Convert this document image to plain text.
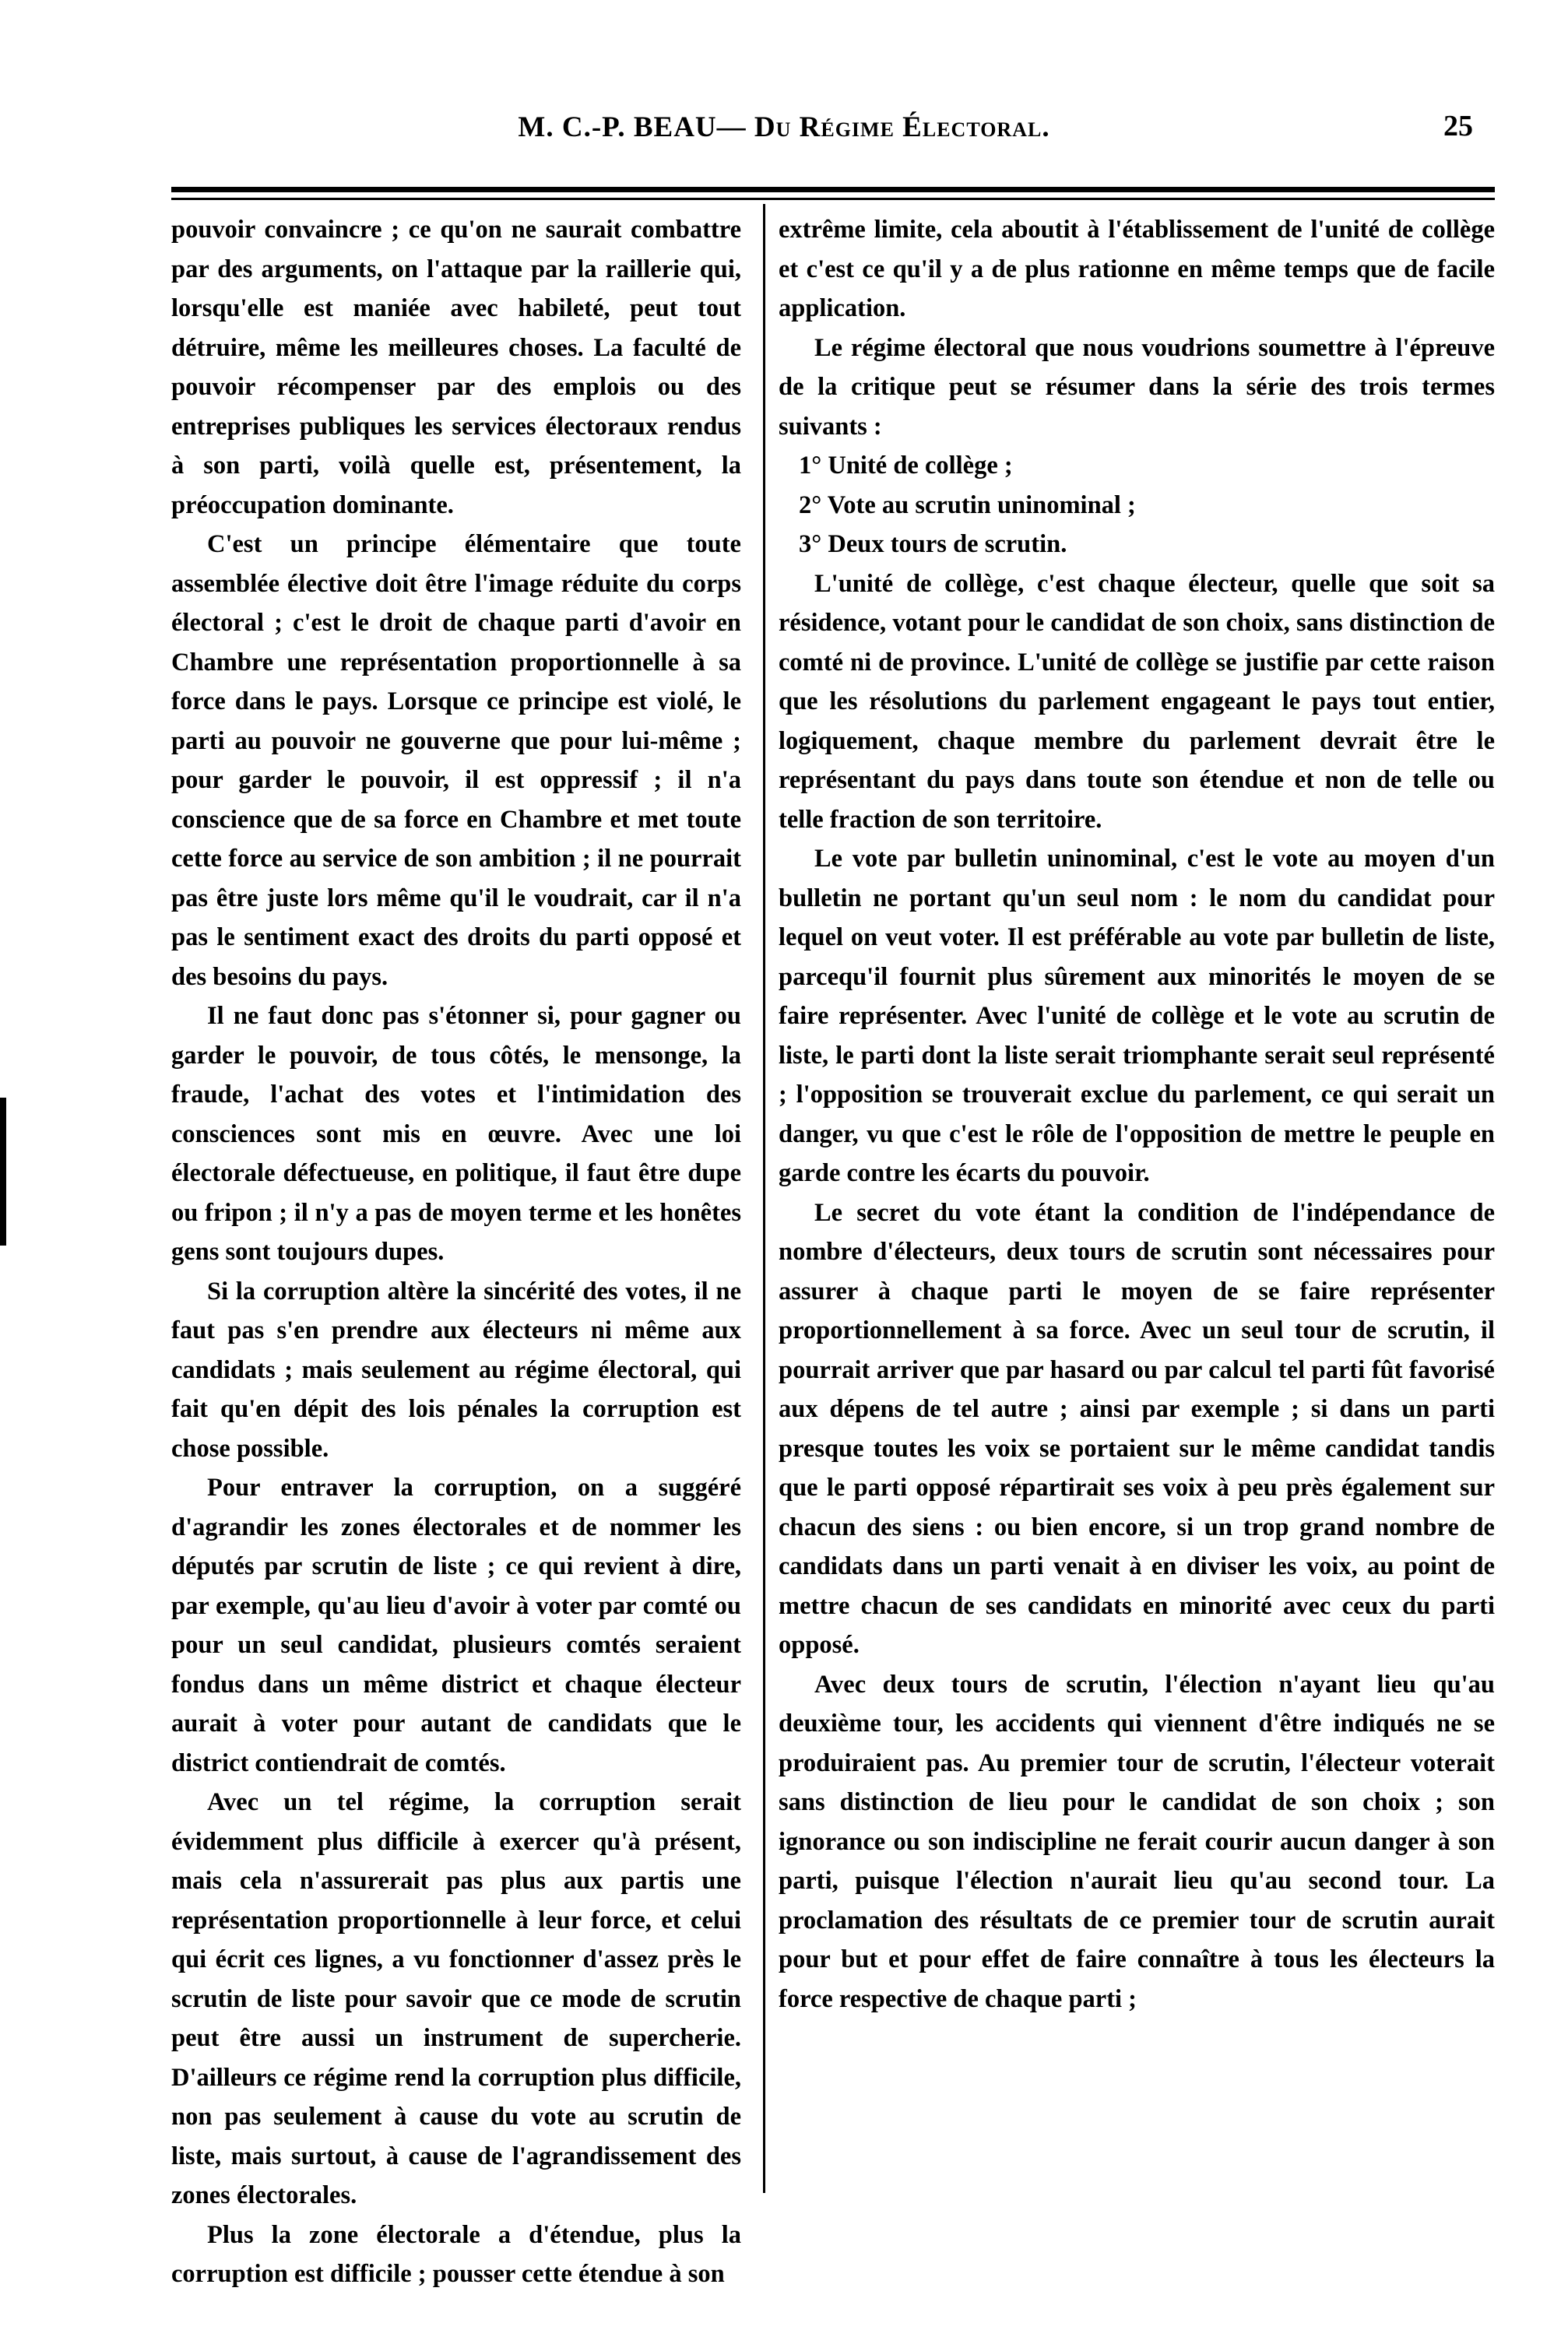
M. C.-P. BEAU— Du Régime Électoral.	25

pouvoir convaincre ; ce qu'on ne saurait combattre par des arguments, on l'attaque par la raillerie qui, lorsqu'elle est maniée avec habileté, peut tout détruire, même les meilleures choses. La faculté de pouvoir récompenser par des emplois ou des entreprises publiques les services électoraux rendus à son parti, voilà quelle est, présentement, la préoccupation dominante.

C'est un principe élémentaire que toute assemblée élective doit être l'image réduite du corps électoral ; c'est le droit de chaque parti d'avoir en Chambre une représentation proportionnelle à sa force dans le pays. Lorsque ce principe est violé, le parti au pouvoir ne gouverne que pour lui-même ; pour garder le pouvoir, il est oppressif ; il n'a conscience que de sa force en Chambre et met toute cette force au service de son ambition ; il ne pourrait pas être juste lors même qu'il le voudrait, car il n'a pas le sentiment exact des droits du parti opposé et des besoins du pays.

Il ne faut donc pas s'étonner si, pour gagner ou garder le pouvoir, de tous côtés, le mensonge, la fraude, l'achat des votes et l'intimidation des consciences sont mis en œuvre. Avec une loi électorale défectueuse, en politique, il faut être dupe ou fripon ; il n'y a pas de moyen terme et les honêtes gens sont toujours dupes.

Si la corruption altère la sincérité des votes, il ne faut pas s'en prendre aux électeurs ni même aux candidats ; mais seulement au régime électoral, qui fait qu'en dépit des lois pénales la corruption est chose possible.

Pour entraver la corruption, on a suggéré d'agrandir les zones électorales et de nommer les députés par scrutin de liste ; ce qui revient à dire, par exemple, qu'au lieu d'avoir à voter par comté ou pour un seul candidat, plusieurs comtés seraient fondus dans un même district et chaque électeur aurait à voter pour autant de candidats que le district contiendrait de comtés.

Avec un tel régime, la corruption serait évidemment plus difficile à exercer qu'à présent, mais cela n'assurerait pas plus aux partis une représentation proportionnelle à leur force, et celui qui écrit ces lignes, a vu fonctionner d'assez près le scrutin de liste pour savoir que ce mode de scrutin peut être aussi un instrument de supercherie. D'ailleurs ce régime rend la corruption plus difficile, non pas seulement à cause du vote au scrutin de liste, mais surtout, à cause de l'agrandissement des zones électorales.

Plus la zone électorale a d'étendue, plus la corruption est difficile ; pousser cette étendue à son

extrême limite, cela aboutit à l'établissement de l'unité de collège et c'est ce qu'il y a de plus rationne en même temps que de facile application.

Le régime électoral que nous voudrions soumettre à l'épreuve de la critique peut se résumer dans la série des trois termes suivants :

1° Unité de collège ;

2° Vote au scrutin uninominal ;

3° Deux tours de scrutin.

L'unité de collège, c'est chaque électeur, quelle que soit sa résidence, votant pour le candidat de son choix, sans distinction de comté ni de province. L'unité de collège se justifie par cette raison que les résolutions du parlement engageant le pays tout entier, logiquement, chaque membre du parlement devrait être le représentant du pays dans toute son étendue et non de telle ou telle fraction de son territoire.

Le vote par bulletin uninominal, c'est le vote au moyen d'un bulletin ne portant qu'un seul nom : le nom du candidat pour lequel on veut voter. Il est préférable au vote par bulletin de liste, parcequ'il fournit plus sûrement aux minorités le moyen de se faire représenter. Avec l'unité de collège et le vote au scrutin de liste, le parti dont la liste serait triomphante serait seul représenté ; l'opposition se trouverait exclue du parlement, ce qui serait un danger, vu que c'est le rôle de l'opposition de mettre le peuple en garde contre les écarts du pouvoir.

Le secret du vote étant la condition de l'indépendance de nombre d'électeurs, deux tours de scrutin sont nécessaires pour assurer à chaque parti le moyen de se faire représenter proportionnellement à sa force. Avec un seul tour de scrutin, il pourrait arriver que par hasard ou par calcul tel parti fût favorisé aux dépens de tel autre ; ainsi par exemple ; si dans un parti presque toutes les voix se portaient sur le même candidat tandis que le parti opposé répartirait ses voix à peu près également sur chacun des siens : ou bien encore, si un trop grand nombre de candidats dans un parti venait à en diviser les voix, au point de mettre chacun de ses candidats en minorité avec ceux du parti opposé.

Avec deux tours de scrutin, l'élection n'ayant lieu qu'au deuxième tour, les accidents qui viennent d'être indiqués ne se produiraient pas. Au premier tour de scrutin, l'électeur voterait sans distinction de lieu pour le candidat de son choix ; son ignorance ou son indiscipline ne ferait courir aucun danger à son parti, puisque l'élection n'aurait lieu qu'au second tour. La proclamation des résultats de ce premier tour de scrutin aurait pour but et pour effet de faire connaître à tous les électeurs la force respective de chaque parti ;
